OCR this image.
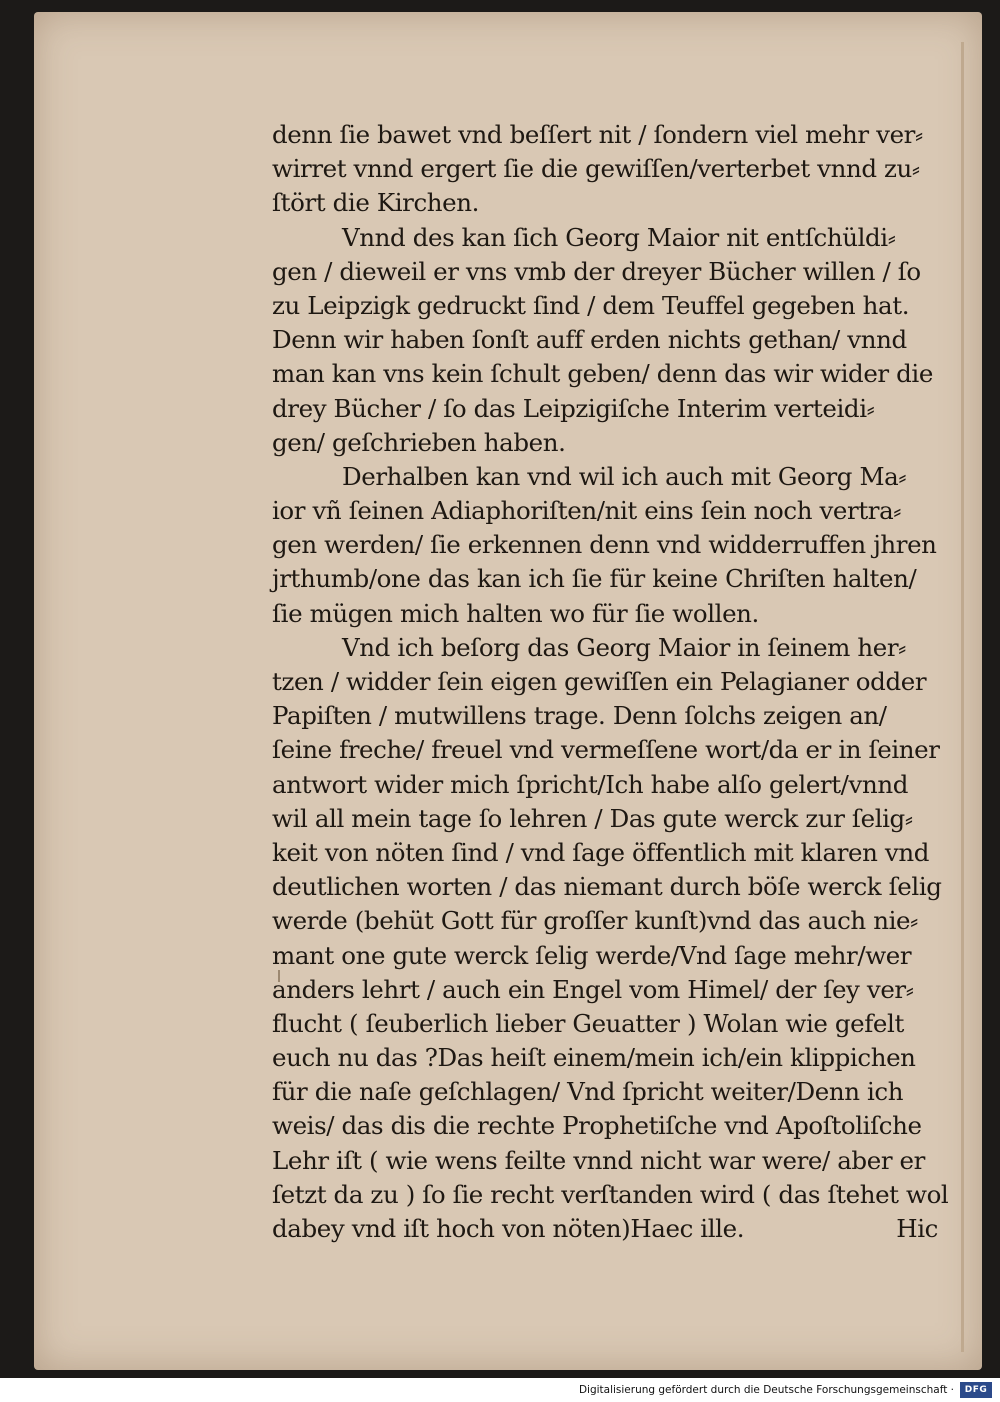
denn ſie bawet vnd beſſert nit / ſondern viel mehr ver⸗
wirret vnnd ergert ſie die gewiſſen/verterbet vnnd zu⸗
ſtört die Kirchen.
Vnnd des kan ſich Georg Maior nit entſchüldi⸗
gen / dieweil er vns vmb der dreyer Bücher willen / ſo
zu Leipzigk gedruckt ſind / dem Teuffel gegeben hat.
Denn wir haben ſonſt auff erden nichts gethan/ vnnd
man kan vns kein ſchult geben/ denn das wir wider die
drey Bücher / ſo das Leipzigiſche Interim verteidi⸗
gen/ geſchrieben haben.
Derhalben kan vnd wil ich auch mit Georg Ma⸗
ior vñ ſeinen Adiaphoriſten/nit eins ſein noch vertra⸗
gen werden/ ſie erkennen denn vnd widderruffen jhren
jrthumb/one das kan ich ſie für keine Chriſten halten/
ſie mügen mich halten wo für ſie wollen.
Vnd ich beſorg das Georg Maior in ſeinem her⸗
tzen / widder ſein eigen gewiſſen ein Pelagianer odder
Papiſten / mutwillens trage. Denn ſolchs zeigen an/
ſeine freche/ freuel vnd vermeſſene wort/da er in ſeiner
antwort wider mich ſpricht/Ich habe alſo gelert/vnnd
wil all mein tage ſo lehren / Das gute werck zur ſelig⸗
keit von nöten ſind / vnd ſage öffentlich mit klaren vnd
deutlichen worten / das niemant durch böſe werck ſelig
werde (behüt Gott für groſſer kunſt)vnd das auch nie⸗
mant one gute werck ſelig werde/Vnd ſage mehr/wer
anders lehrt / auch ein Engel vom Himel/ der ſey ver⸗
flucht ( ſeuberlich lieber Geuatter ) Wolan wie gefelt
euch nu das ?Das heiſt einem/mein ich/ein klippichen
für die naſe geſchlagen/ Vnd ſpricht weiter/Denn ich
weis/ das dis die rechte Prophetiſche vnd Apoſtoliſche
Lehr iſt ( wie wens feilte vnnd nicht war were/ aber er
ſetzt da zu ) ſo ſie recht verſtanden wird ( das ſtehet wol
dabey vnd iſt hoch von nöten)Haec ille.	Hic
Digitalisierung gefördert durch die Deutsche Forschungsgemeinschaft ·	DFG
